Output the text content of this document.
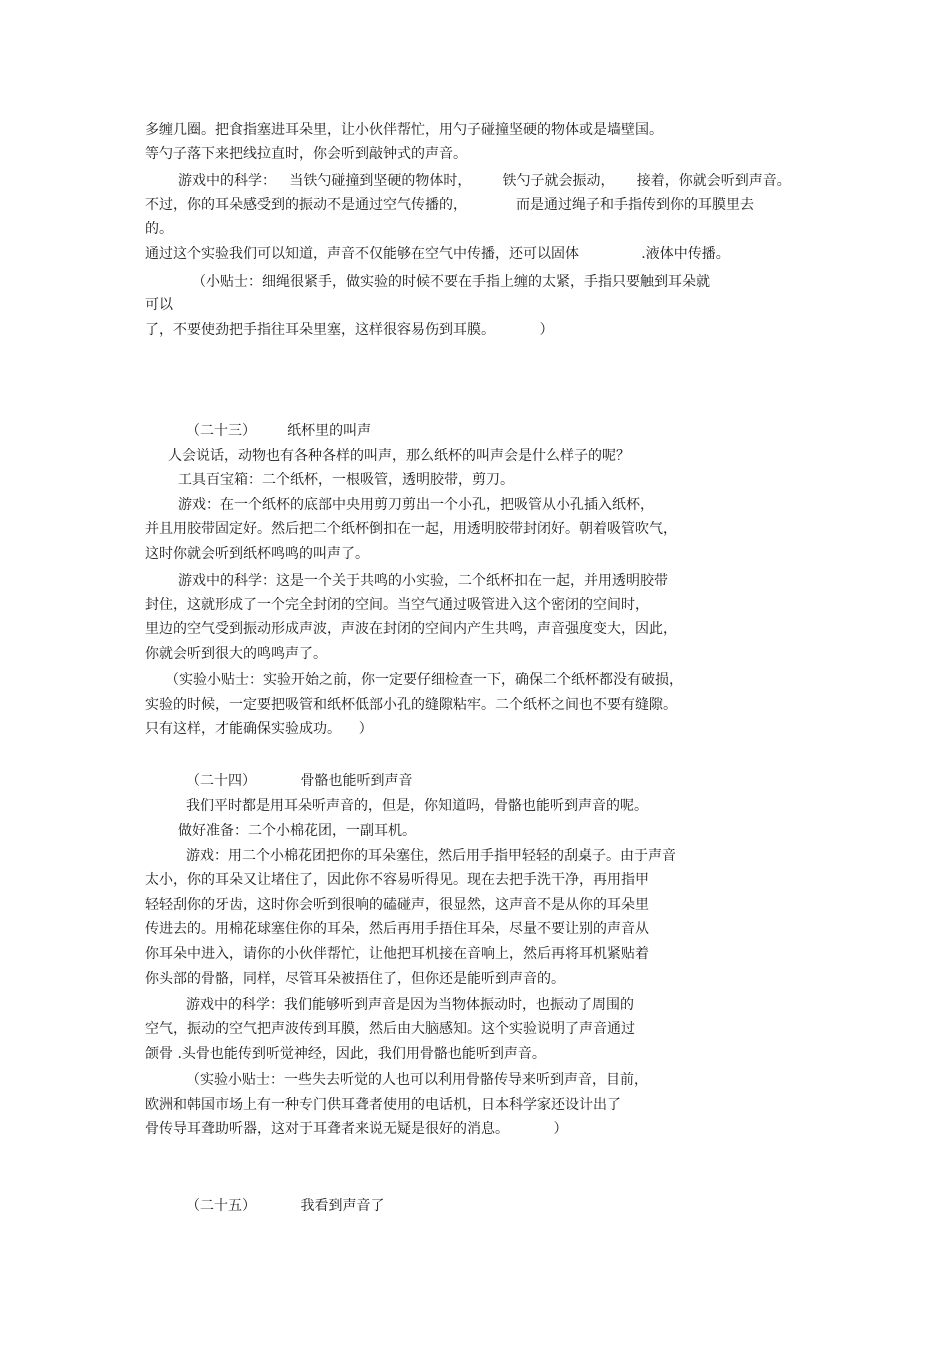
多缠几圈。把食指塞进耳朵里，让小伙伴帮忙，用勺子碰撞坚硬的物体或是墙壁国。
等勺子落下来把线拉直时，你会听到敲钟式的声音。
游戏中的科学：   当铁勺碰撞到坚硬的物体时，       铁勺子就会振动，     接着，你就会听到声音。
不过，你的耳朵感受到的振动不是通过空气传播的，           而是通过绳子和手指传到你的耳膜里去
的。
通过这个实验我们可以知道，声音不仅能够在空气中传播，还可以固体              .液体中传播。
（小贴士：细绳很紧手，做实验的时候不要在手指上缠的太紧，手指只要触到耳朵就
可以
了，不要使劲把手指往耳朵里塞，这样很容易伤到耳膜。          ）
（二十三）       纸杯里的叫声
人会说话，动物也有各种各样的叫声，那么纸杯的叫声会是什么样子的呢？
工具百宝箱：二个纸杯，一根吸管，透明胶带，剪刀。
游戏：在一个纸杯的底部中央用剪刀剪出一个小孔，把吸管从小孔插入纸杯，
并且用胶带固定好。然后把二个纸杯倒扣在一起，用透明胶带封闭好。朝着吸管吹气，
这时你就会听到纸杯鸣鸣的叫声了。
游戏中的科学：这是一个关于共鸣的小实验，二个纸杯扣在一起，并用透明胶带
封住，这就形成了一个完全封闭的空间。当空气通过吸管进入这个密闭的空间时，
里边的空气受到振动形成声波，声波在封闭的空间内产生共鸣，声音强度变大，因此，
你就会听到很大的鸣鸣声了。
（实验小贴士：实验开始之前，你一定要仔细检查一下，确保二个纸杯都没有破损，
实验的时候，一定要把吸管和纸杯低部小孔的缝隙粘牢。二个纸杯之间也不要有缝隙。
只有这样，才能确保实验成功。    ）
（二十四）          骨骼也能听到声音
我们平时都是用耳朵听声音的，但是，你知道吗，骨骼也能听到声音的呢。
做好准备：二个小棉花团，一副耳机。
游戏：用二个小棉花团把你的耳朵塞住，然后用手指甲轻轻的刮桌子。由于声音
太小，你的耳朵又让堵住了，因此你不容易听得见。现在去把手洗干净，再用指甲
轻轻刮你的牙齿，这时你会听到很响的磕碰声，很显然，这声音不是从你的耳朵里
传进去的。用棉花球塞住你的耳朵，然后再用手捂住耳朵，尽量不要让别的声音从
你耳朵中进入，请你的小伙伴帮忙，让他把耳机接在音响上，然后再将耳机紧贴着
你头部的骨骼，同样，尽管耳朵被捂住了，但你还是能听到声音的。
游戏中的科学：我们能够听到声音是因为当物体振动时，也振动了周围的
空气，振动的空气把声波传到耳膜，然后由大脑感知。这个实验说明了声音通过
颌骨 .头骨也能传到听觉神经，因此，我们用骨骼也能听到声音。
（实验小贴士：一些失去听觉的人也可以利用骨骼传导来听到声音，目前，
欧洲和韩国市场上有一种专门供耳聋者使用的电话机，日本科学家还设计出了
骨传导耳聋助听器，这对于耳聋者来说无疑是很好的消息。          ）
（二十五）          我看到声音了
